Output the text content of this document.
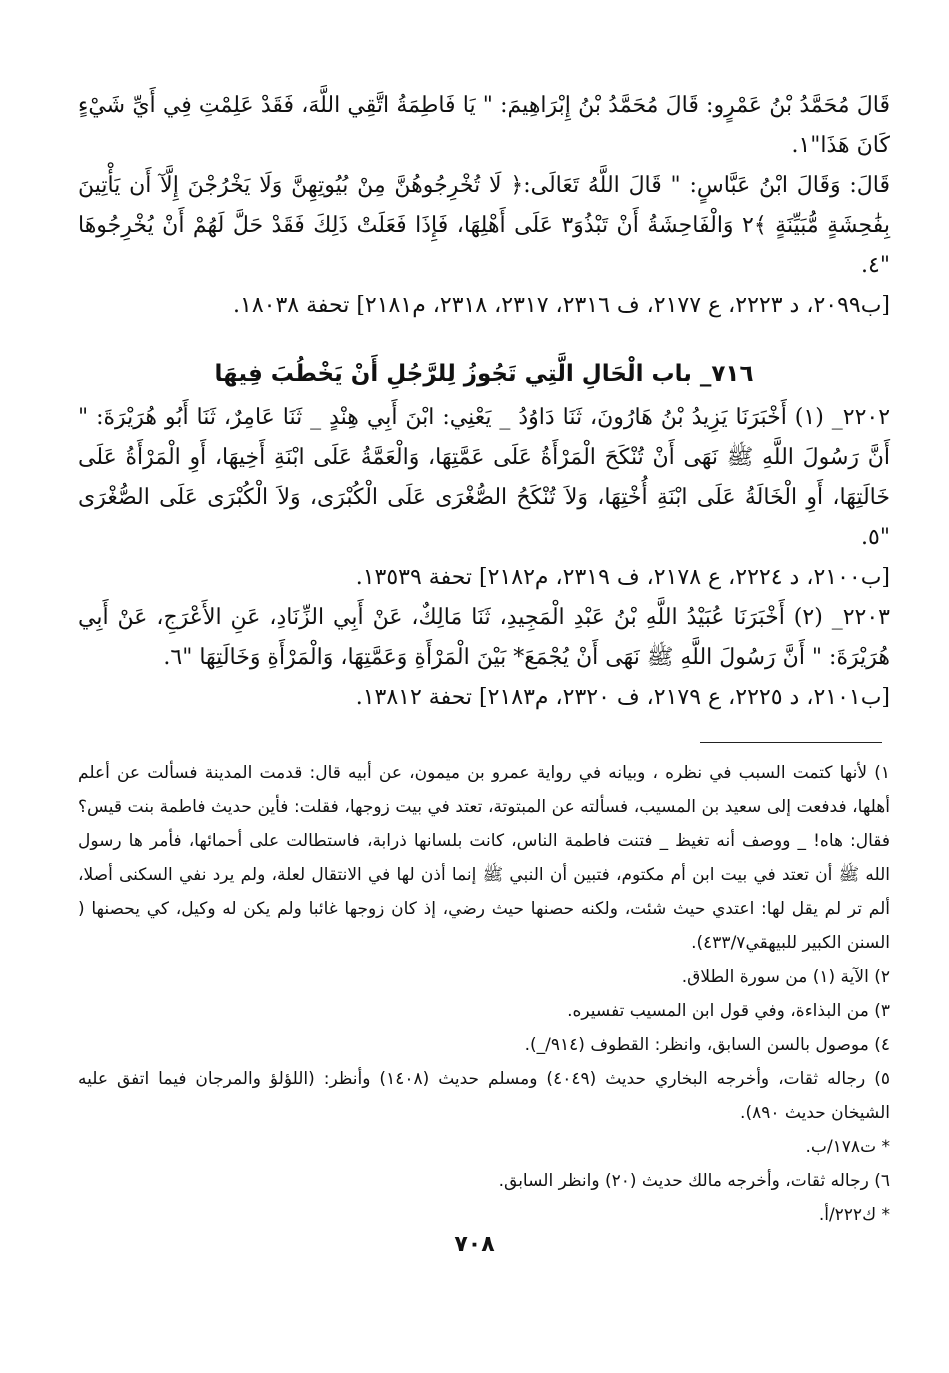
قَالَ مُحَمَّدُ بْنُ عَمْرٍو: قَالَ مُحَمَّدُ بْنُ إِبْرَاهِيمَ: " يَا فَاطِمَةُ اتَّقِي اللَّهَ، فَقَدْ عَلِمْتِ فِي أَيِّ شَيْءٍ كَانَ هَذَا"١.

قَالَ: وَقَالَ ابْنُ عَبَّاسٍ: " قَالَ اللَّهُ تَعَالَى:﴿ لَا تُخْرِجُوهُنَّ مِنْ بُيُوتِهِنَّ وَلَا يَخْرُجْنَ إِلَّآ أَن يَأْتِينَ بِفَٰحِشَةٍ مُّبَيِّنَةٍ ﴾٢ وَالْفَاحِشَةُ أَنْ تَبْذُوَ٣ عَلَى أَهْلِهَا، فَإِذَا فَعَلَتْ ذَلِكَ فَقَدْ حَلَّ لَهُمْ أَنْ يُخْرِجُوهَا "٤.

[ب٢٠٩٩، د ٢٢٢٣، ع ٢١٧٧، ف ٢٣١٦، ٢٣١٧، ٢٣١٨، م٢١٨١] تحفة ١٨٠٣٨.

٧١٦_ باب الْحَالِ الَّتِي تَجُوزُ لِلرَّجُلِ أَنْ يَخْطُبَ فِيهَا

٢٢٠٢_ (١) أَخْبَرَنَا يَزِيدُ بْنُ هَارُونَ، ثَنَا دَاوُدُ _ يَعْنِي: ابْنَ أَبِي هِنْدٍ _ ثَنَا عَامِرٌ، ثَنَا أَبُو هُرَيْرَةَ: " أَنَّ رَسُولَ اللَّهِ ﷺ نَهَى أَنْ تُنْكَحَ الْمَرْأَةُ عَلَى عَمَّتِهَا، وَالْعَمَّةُ عَلَى ابْنَةِ أَخِيهَا، أَوِ الْمَرْأَةُ عَلَى خَالَتِهَا، أَوِ الْخَالَةُ عَلَى ابْنَةِ أُخْتِهَا، وَلاَ تُنْكَحُ الصُّغْرَى عَلَى الْكُبْرَى، وَلاَ الْكُبْرَى عَلَى الصُّغْرَى "٥.

[ب٢١٠٠، د ٢٢٢٤، ع ٢١٧٨، ف ٢٣١٩، م٢١٨٢] تحفة ١٣٥٣٩.

٢٢٠٣_ (٢) أَخْبَرَنَا عُبَيْدُ اللَّهِ بْنُ عَبْدِ الْمَجِيدِ، ثَنَا مَالِكٌ، عَنْ أَبِي الزِّنَادِ، عَنِ الأَعْرَجِ، عَنْ أَبِي هُرَيْرَةَ: " أَنَّ رَسُولَ اللَّهِ ﷺ نَهَى أَنْ يُجْمَعَ* بَيْنَ الْمَرْأَةِ وَعَمَّتِهَا، وَالْمَرْأَةِ وَخَالَتِهَا "٦.

[ب٢١٠١، د ٢٢٢٥، ع ٢١٧٩، ف ٢٣٢٠، م٢١٨٣] تحفة ١٣٨١٢.

١) لأنها كتمت السبب في نظره ، وبيانه في رواية عمرو بن ميمون، عن أبيه قال: قدمت المدينة فسألت عن أعلم أهلها، فدفعت إلى سعيد بن المسيب، فسألته عن المبتوتة، تعتد في بيت زوجها، فقلت: فأين حديث فاطمة بنت قيس؟ فقال: هاه! _ ووصف أنه تغيظ _ فتنت فاطمة الناس، كانت بلسانها ذرابة، فاستطالت على أحمائها، فأمر ها رسول الله ﷺ أن تعتد في بيت ابن أم مكتوم، فتبين أن النبي ﷺ إنما أذن لها في الانتقال لعلة، ولم يرد نفي السكنى أصلا، ألم تر لم يقل لها: اعتدي حيث شئت، ولكنه حصنها حيث رضي، إذ كان زوجها غائبا ولم يكن له وكيل، كي يحصنها ( السنن الكبير للبيهقي٤٣٣/٧).

٢) الآية (١) من سورة الطلاق.

٣) من البذاءة، وفي قول ابن المسيب تفسيره.

٤) موصول بالسن السابق، وانظر: القطوف (٩١٤/_).

٥) رجاله ثقات، وأخرجه البخاري حديث (٤٠٤٩) ومسلم حديث (١٤٠٨) وأنظر: (اللؤلؤ والمرجان فيما اتفق عليه الشيخان حديث ٨٩٠).

* ت١٧٨/ب.

٦) رجاله ثقات، وأخرجه مالك حديث (٢٠) وانظر السابق.

* ك٢٢٢/أ.

٧٠٨
